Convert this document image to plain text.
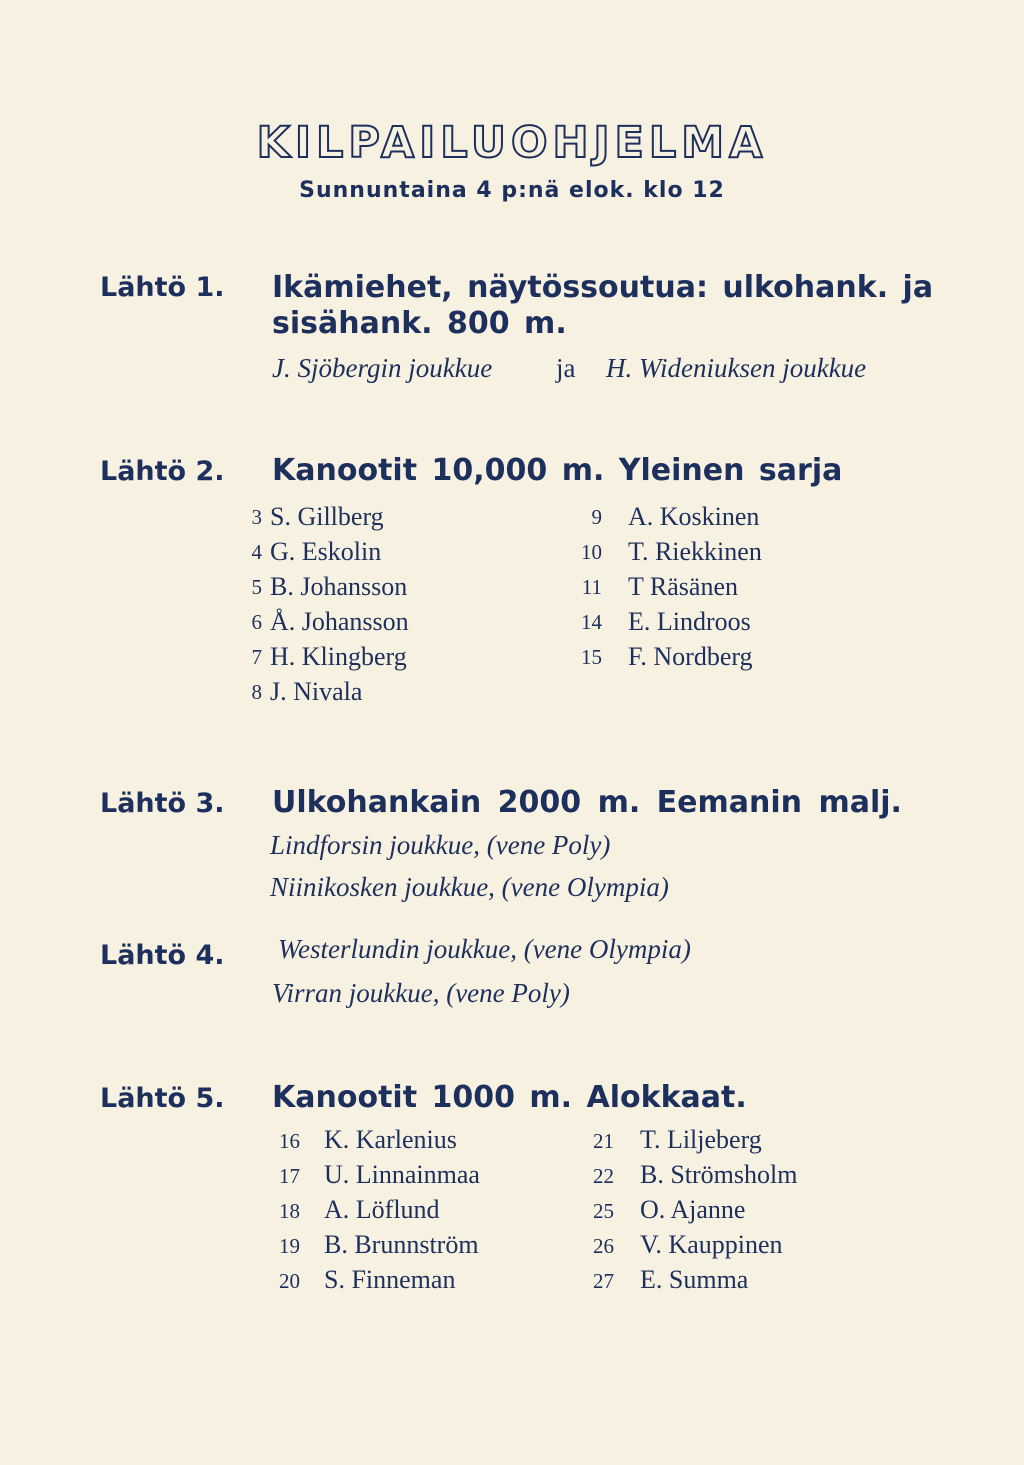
KILPAILUOHJELMA
Sunnuntaina 4 p:nä elok. klo 12
Lähtö 1. Ikämiehet, näytössoutua: ulkohank. ja
sisähank. 800 m.
J. Sjöbergin joukkue ja H. Wideniuksen joukkue
Lähtö 2. Kanootit 10,000 m. Yleinen sarja
3 S. Gillberg
4 G. Eskolin
5 B. Johansson
6 Å. Johansson
7 H. Klingberg
8 J. Nivala
9 A. Koskinen
10 T. Riekkinen
11 T Räsänen
14 E. Lindroos
15 F. Nordberg
Lähtö 3. Ulkohankain 2000 m. Eemanin malj.
Lindforsin joukkue, (vene Poly)
Niinikosken joukkue, (vene Olympia)
Lähtö 4. Westerlundin joukkue, (vene Olympia)
Virran joukkue, (vene Poly)
Lähtö 5. Kanootit 1000 m. Alokkaat.
16 K. Karlenius
17 U. Linnainmaa
18 A. Löflund
19 B. Brunnström
20 S. Finneman
21 T. Liljeberg
22 B. Strömsholm
25 O. Ajanne
26 V. Kauppinen
27 E. Summa
